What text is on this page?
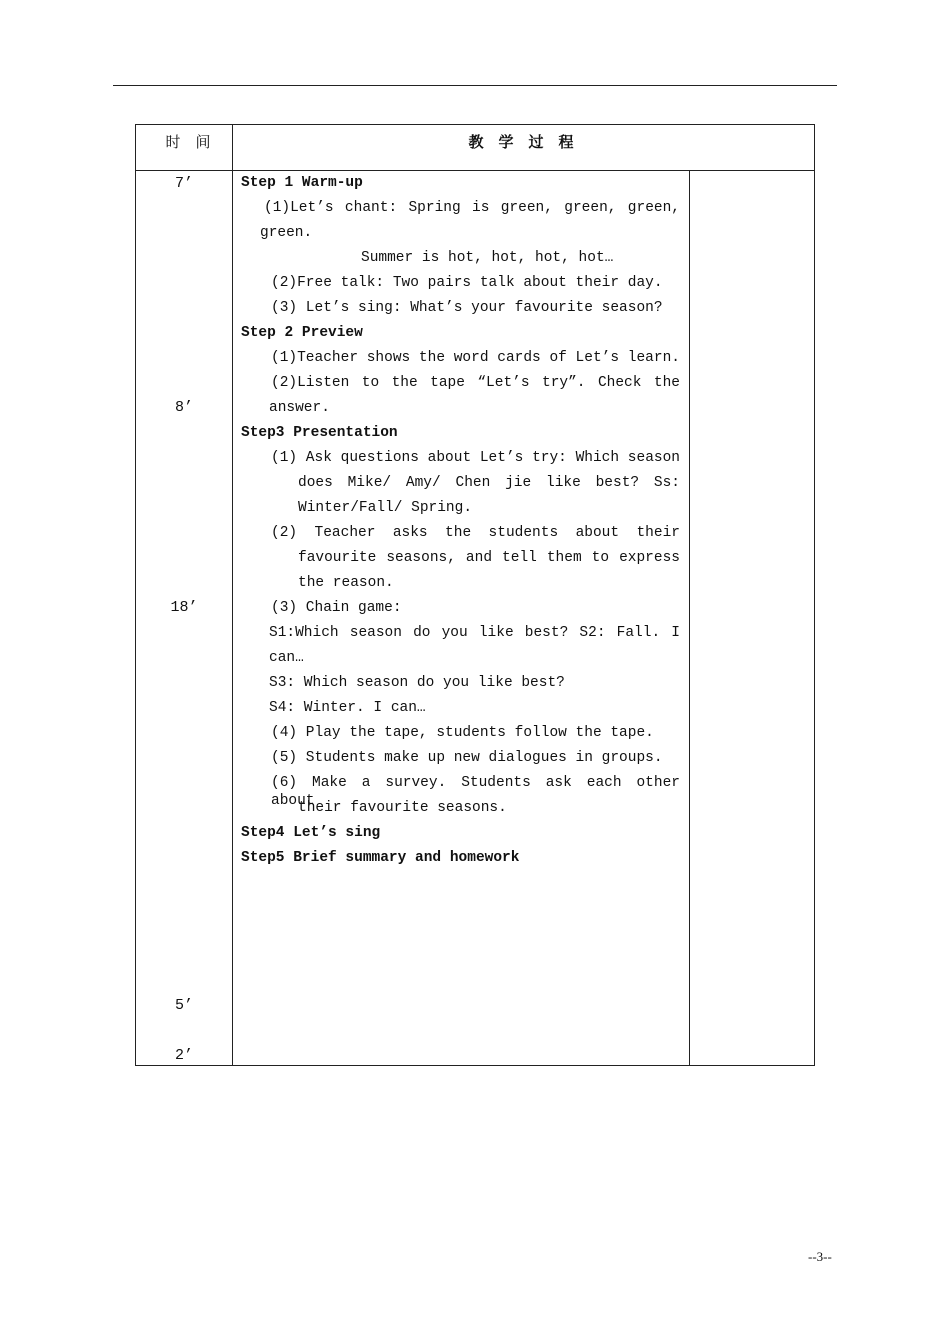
时　间	教　学　过　程
7’
8’
18’
5’
2’
Step 1 Warm-up
(1)Let’s chant: Spring is green, green, green,
green.
Summer is hot, hot, hot, hot…
(2)Free talk: Two pairs talk about their day.
(3) Let’s sing: What’s your favourite season?
Step 2 Preview
(1)Teacher shows the word cards of Let’s learn.
(2)Listen to the tape “Let’s try”. Check the
answer.
Step3 Presentation
(1) Ask questions about Let’s try: Which season
does Mike/ Amy/ Chen jie like best? Ss:
Winter/Fall/ Spring.
(2) Teacher asks the students about their
favourite seasons, and tell them to express
the reason.
(3) Chain game:
S1:Which season do you like best? S2: Fall. I
can…
S3: Which season do you like best?
S4: Winter. I can…
(4) Play the tape, students follow the tape.
(5) Students make up new dialogues in groups.
(6) Make a survey. Students ask each other about
their favourite seasons.
Step4 Let’s sing
Step5 Brief summary and homework
--3--
